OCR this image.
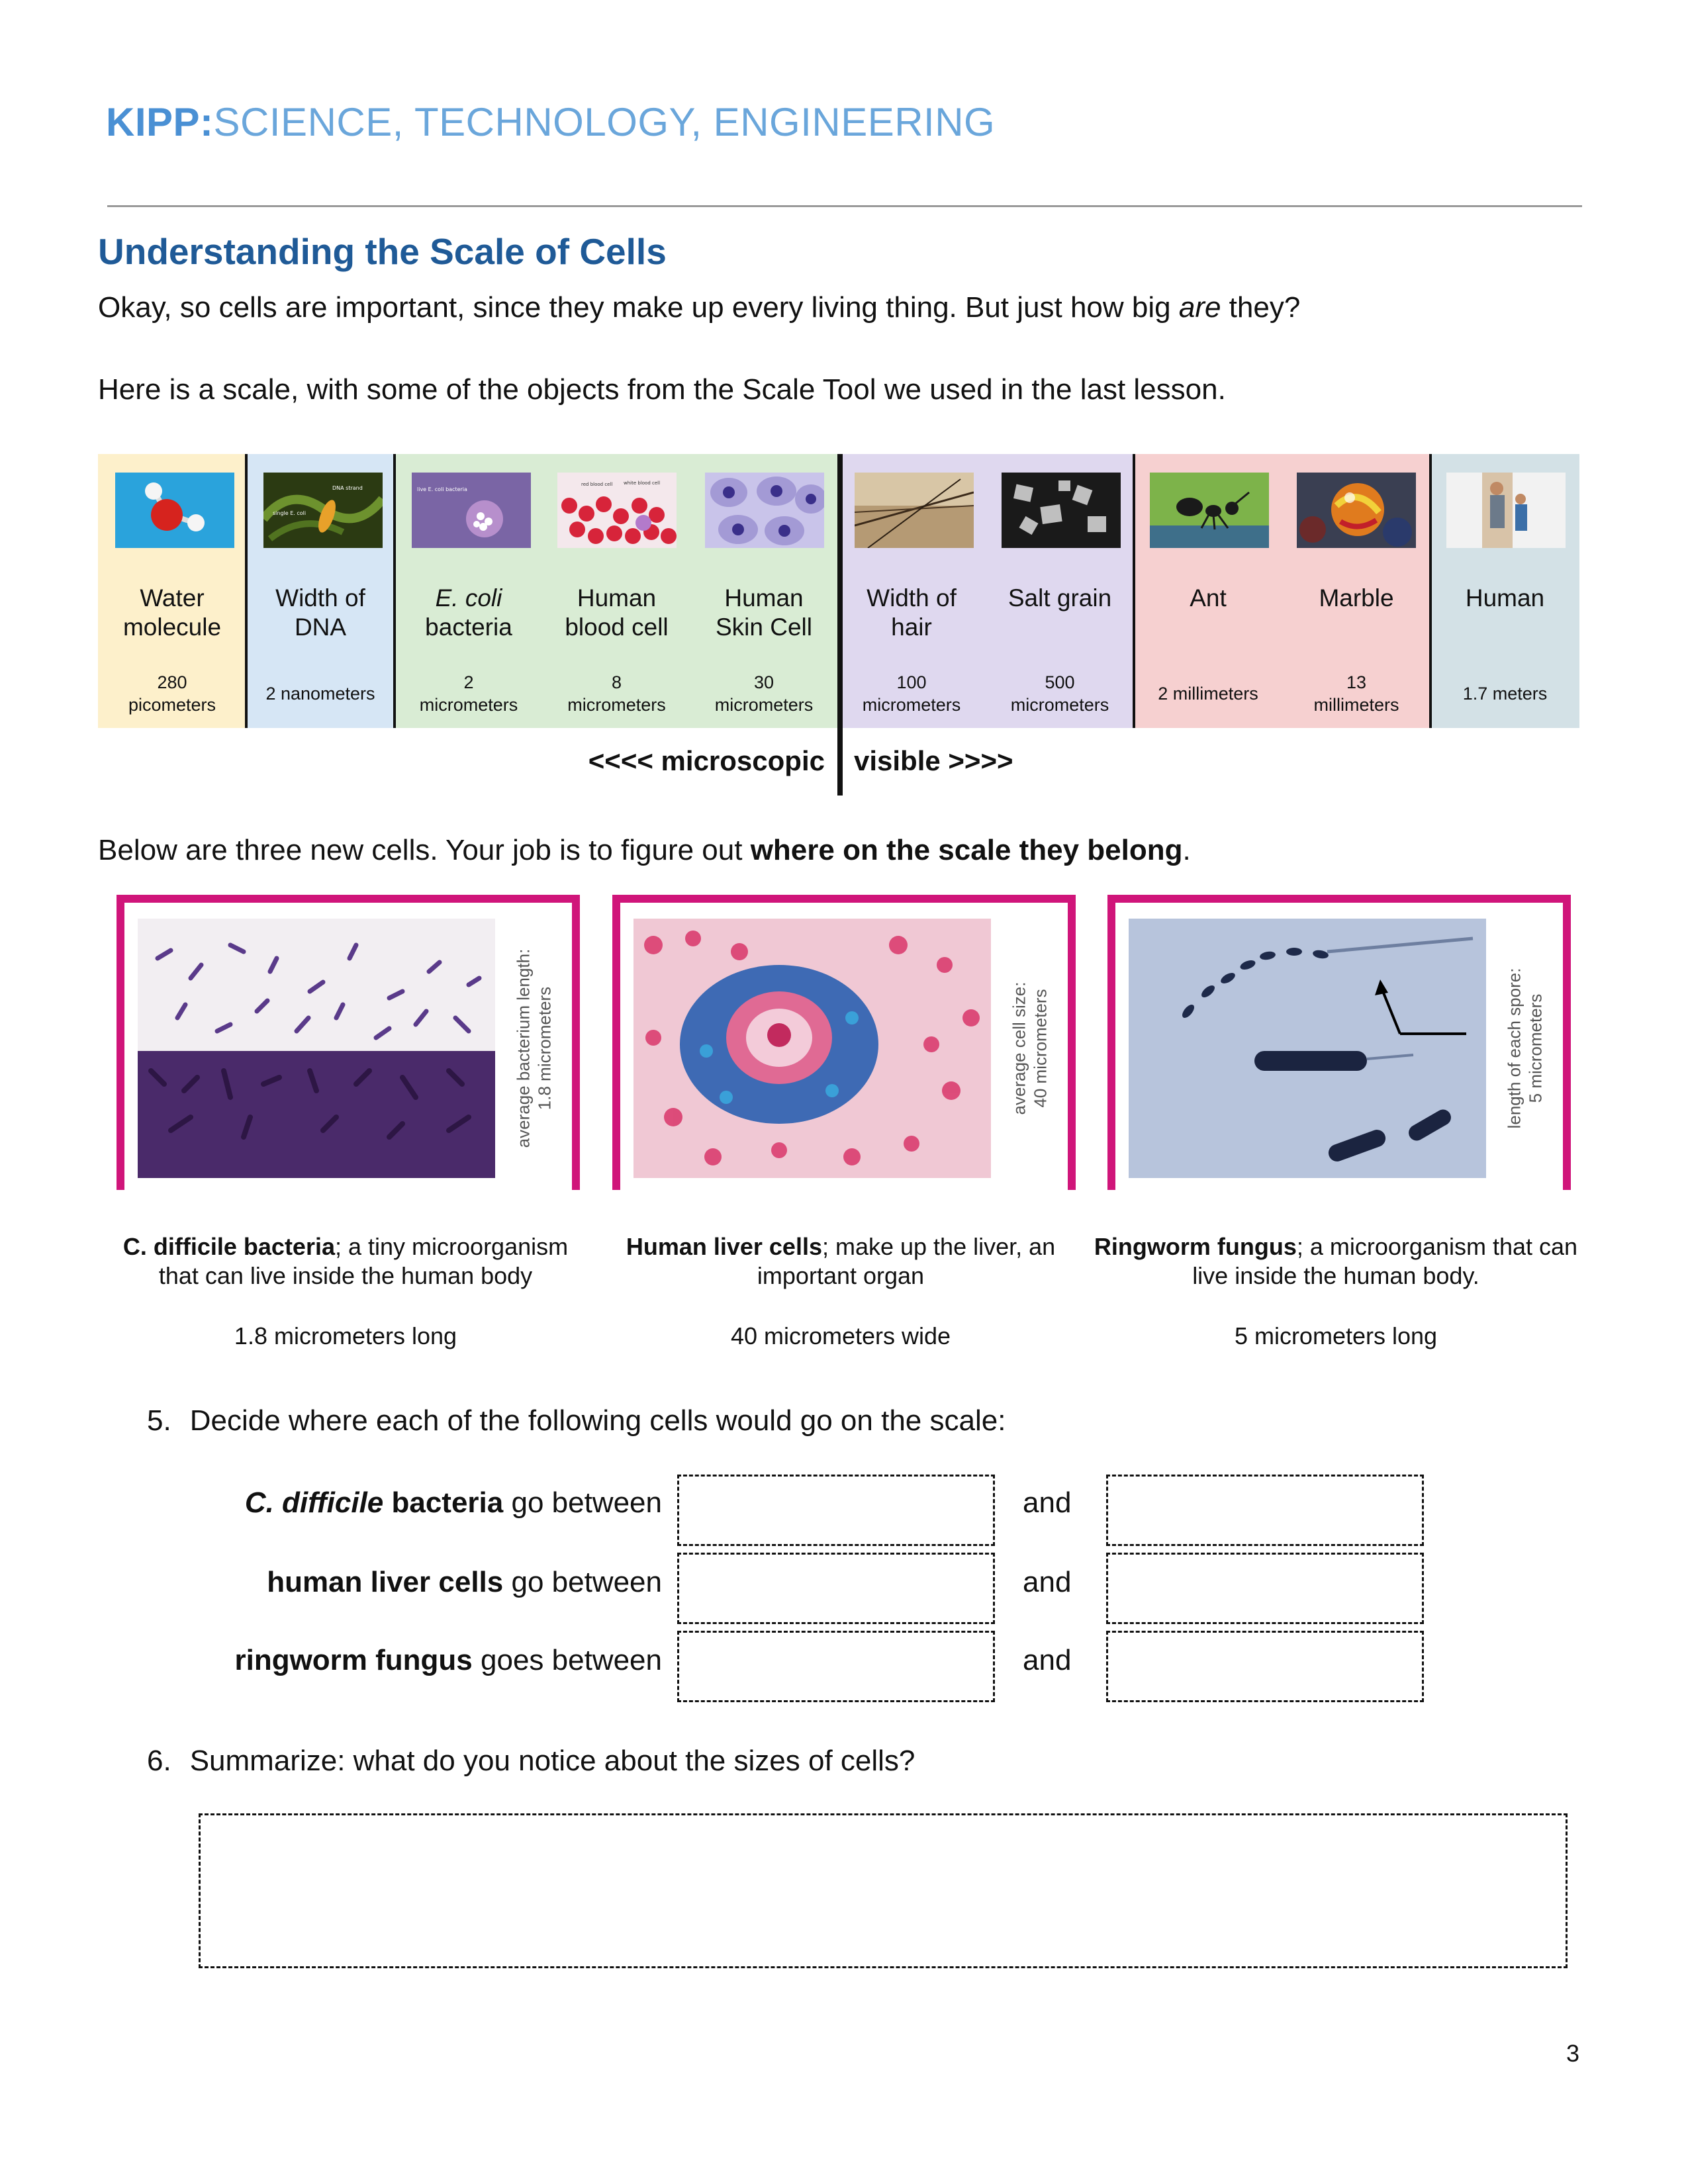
KIPP:SCIENCE, TECHNOLOGY, ENGINEERING
Understanding the Scale of Cells
Okay, so cells are important, since they make up every living thing. But just how big are they?
Here is a scale, with some of the objects from the Scale Tool we used in the last lesson.
Water
molecule
280
picometers
DNA strand
single E. coli
Width of
DNA
2 nanometers
live E. coli bacteria
E. coli
bacteria
2
micrometers
red blood cell white blood cell
Human
blood cell
8
micrometers
Human
Skin Cell
30
micrometers
Width of
hair
100
micrometers
Salt grain
500
micrometers
Ant
2 millimeters
Marble
13
millimeters
Human
1.7 meters
<<<< microscopic visible >>>>
Below are three new cells. Your job is to figure out where on the scale they belong.
average bacterium length:
1.8 micrometers	average cell size:
40 micrometers	length of each spore:
5 micrometers
C. difficile bacteria; a tiny microorganism that can live inside the human body
Human liver cells; make up the liver, an important organ
Ringworm fungus; a microorganism that can live inside the human body.
1.8 micrometers long	40 micrometers wide	5 micrometers long
5. Decide where each of the following cells would go on the scale:
C. difficile bacteria go between	and
human liver cells go between	and
ringworm fungus goes between	and
6. Summarize: what do you notice about the sizes of cells?
3
